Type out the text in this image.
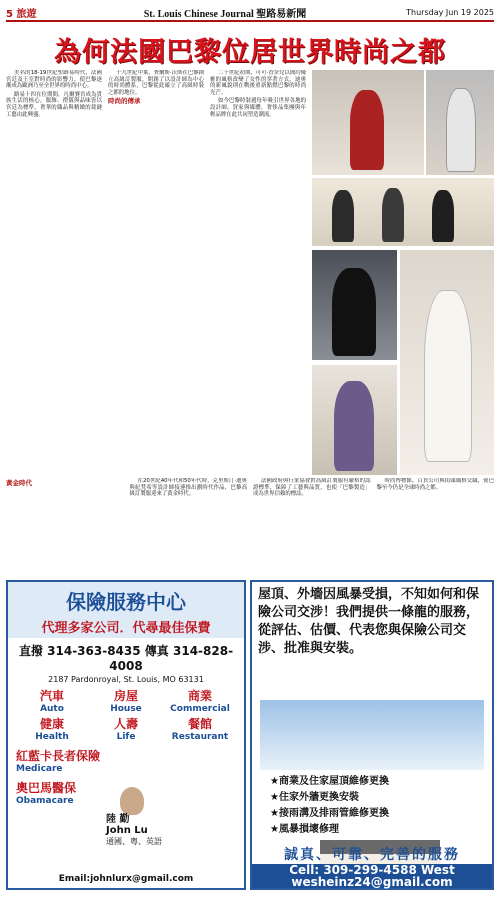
5 旅遊	St. Louis Chinese Journal 聖路易新聞	Thursday Jun 19 2025
為何法國巴黎位居世界時尚之都

美名的18-19世紀聖路易時代，法國宮廷及王室對時尚的影響力，使巴黎逐漸成為歐洲乃至全世界的時尚中心。

路易十四在位期間，凡爾賽宮成為貴族生活的核心，服飾、禮儀與品味皆以宮廷為標準，奢華的織品與精緻的裁縫工藝由此興盛。

十九世紀中葉，查爾斯·沃斯在巴黎創立高級訂製服，開創了以設計師為中心的時尚體系，巴黎從此確立了高級時裝之都的地位。

時尚的傳承

二十世紀初期，可可·香奈兒以簡約優雅的風格改變了女性的穿著方式，迪奧的新風貌則在戰後重新點燃巴黎的時尚光芒。

如今巴黎時裝週每年吸引世界各地的設計師、買家與媒體，奢侈品集團與年輕品牌在此共同塑造潮流。

黃金時代	在20世紀40年代和50年代時，克里斯汀·迪奧與紀梵希等設計師接連推出劃時代作品，巴黎高級訂製服迎來了黃金時代。

法國政府與行業協會對高級訂製服有嚴格的認證標準，保障了工藝與品質，也使「巴黎製造」成為世界信賴的標誌。

時尚博物館、百貨公司與街頭風格交織，使巴黎至今仍是全球時尚之都。

保險服務中心
代理多家公司．代尋最佳保費
直撥 314-363-8435 傳真 314-828-4008
2187 Pardonroyal, St. Louis, MO 63131
汽車
Auto
房屋
House
商業
Commercial
健康
Health
人壽
Life
餐館
Restaurant
紅藍卡長者保險
Medicare
奧巴馬醫保
Obamacare
陸 勤
John Lu
通國、粵、英語
Email:johnlurx@gmail.com
屋頂、外墻因風暴受損，不知如何和保險公司交涉！我們提供一條龍的服務，從評估、估價、代表您與保險公司交涉、批准與安裝。
★商業及住家屋頂維修更換
★住家外牆更換安裝
★接雨溝及排雨管維修更換
★風暴損壞修理
誠真、可靠、完善的服務
Cell: 309-299-4588 West
wesheinz24@gmail.com
